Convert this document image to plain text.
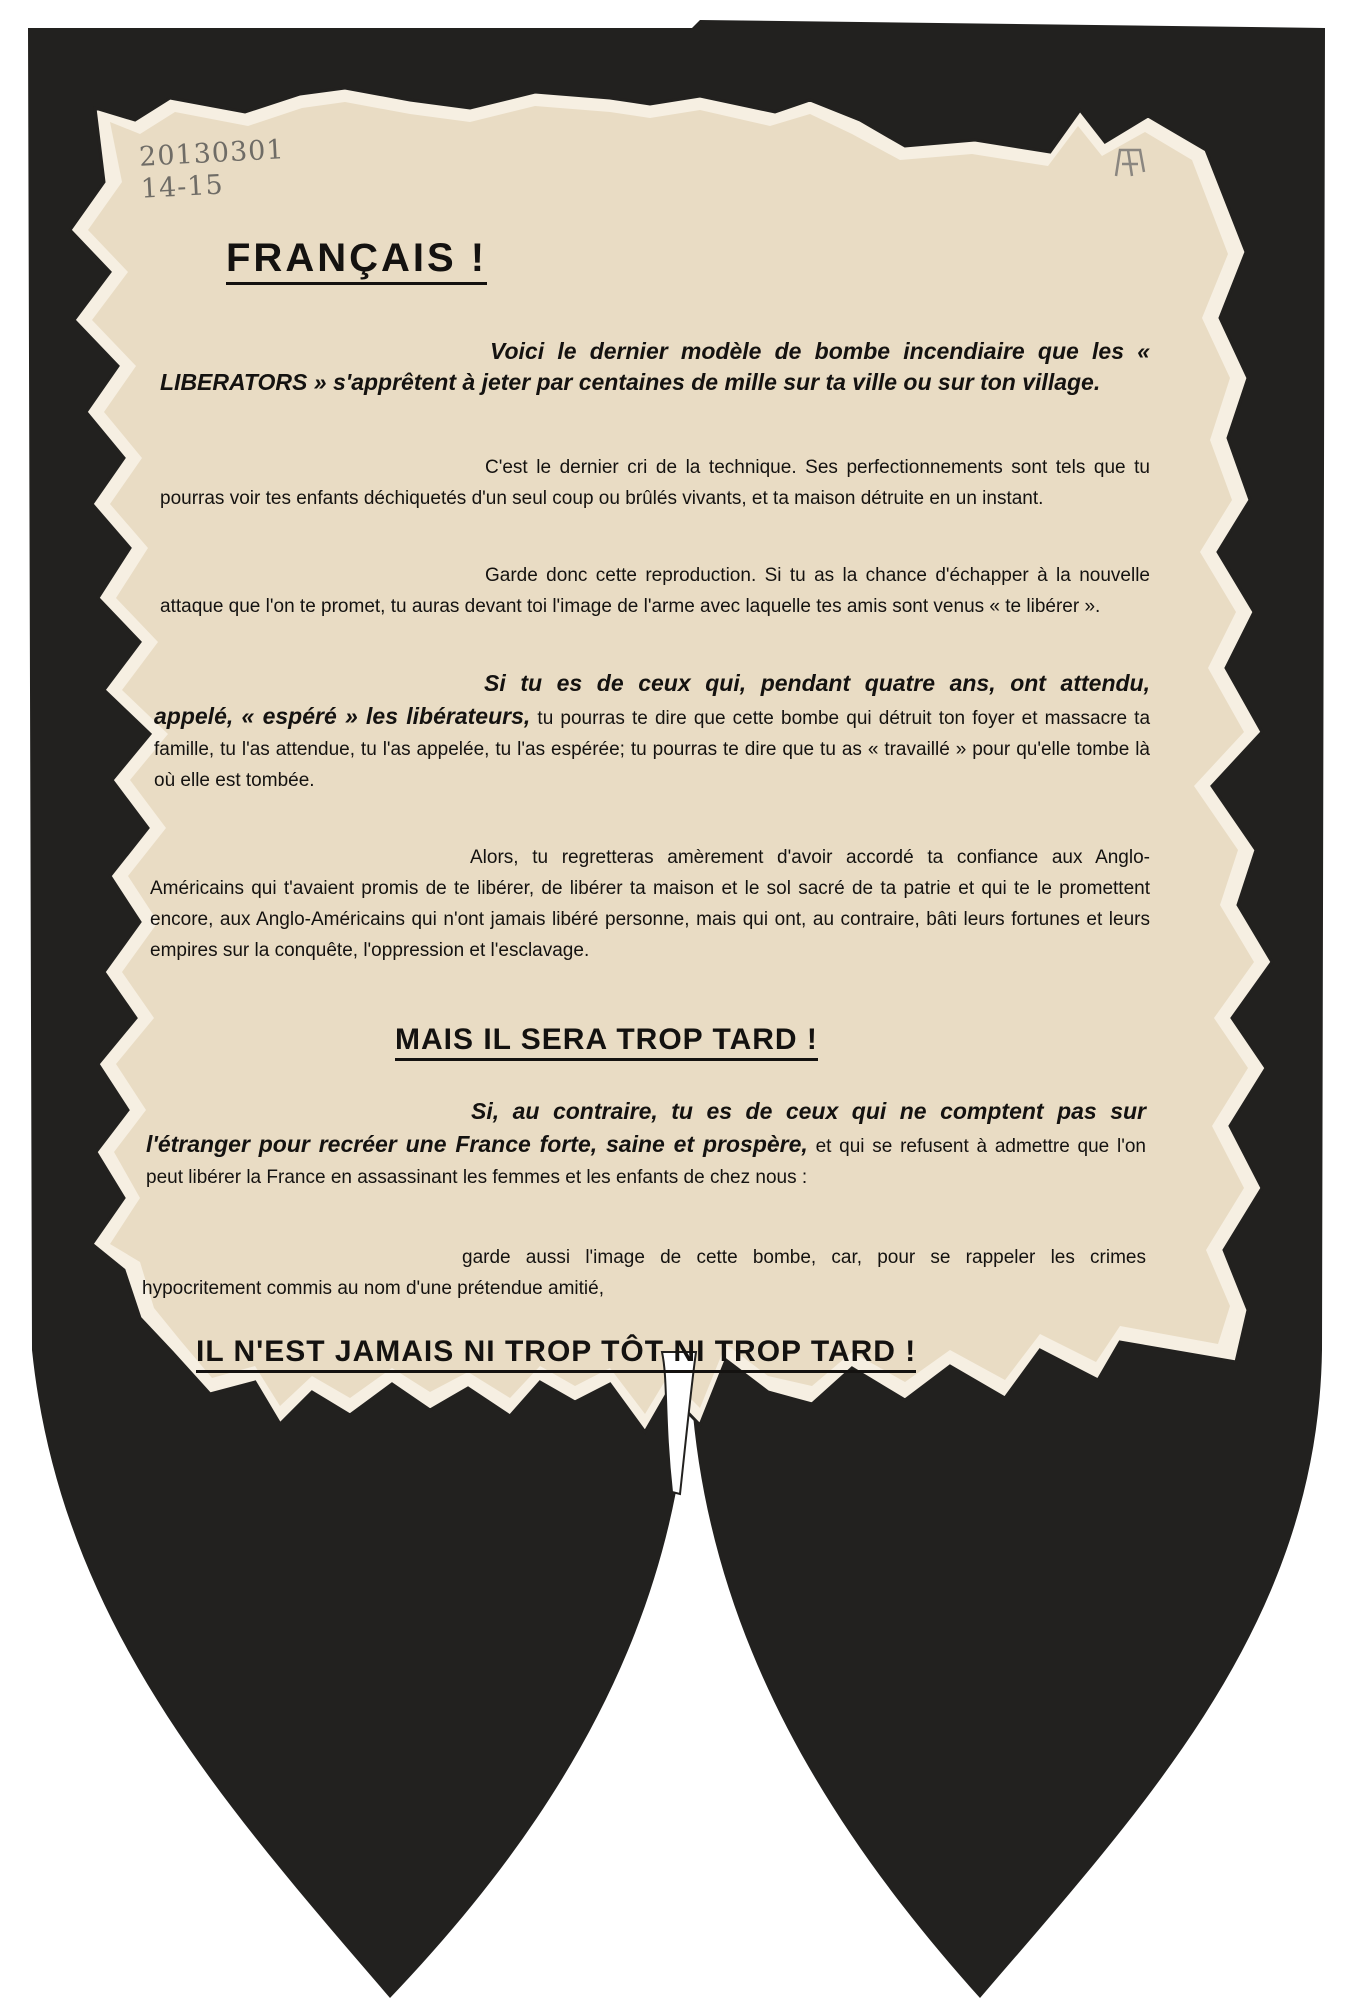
20130301
14-15
FRANÇAIS !

Voici le dernier modèle de bombe incendiaire que les « LIBERATORS » s'apprêtent à jeter par centaines de mille sur ta ville ou sur ton village.

C'est le dernier cri de la technique. Ses perfectionnements sont tels que tu pourras voir tes enfants déchiquetés d'un seul coup ou brûlés vivants, et ta maison détruite en un instant.

Garde donc cette reproduction. Si tu as la chance d'échapper à la nouvelle attaque que l'on te promet, tu auras devant toi l'image de l'arme avec laquelle tes amis sont venus « te libérer ».

Si tu es de ceux qui, pendant quatre ans, ont attendu, appelé, « espéré » les libérateurs, tu pourras te dire que cette bombe qui détruit ton foyer et massacre ta famille, tu l'as attendue, tu l'as appelée, tu l'as espérée; tu pourras te dire que tu as « travaillé » pour qu'elle tombe là où elle est tombée.

Alors, tu regretteras amèrement d'avoir accordé ta confiance aux Anglo-Américains qui t'avaient promis de te libérer, de libérer ta maison et le sol sacré de ta patrie et qui te le promettent encore, aux Anglo-Américains qui n'ont jamais libéré personne, mais qui ont, au contraire, bâti leurs fortunes et leurs empires sur la conquête, l'oppression et l'esclavage.

MAIS IL SERA TROP TARD !

Si, au contraire, tu es de ceux qui ne comptent pas sur l'étranger pour recréer une France forte, saine et prospère, et qui se refusent à admettre que l'on peut libérer la France en assassinant les femmes et les enfants de chez nous :

garde aussi l'image de cette bombe, car, pour se rappeler les crimes hypocritement commis au nom d'une prétendue amitié,

IL N'EST JAMAIS NI TROP TÔT NI TROP TARD !
